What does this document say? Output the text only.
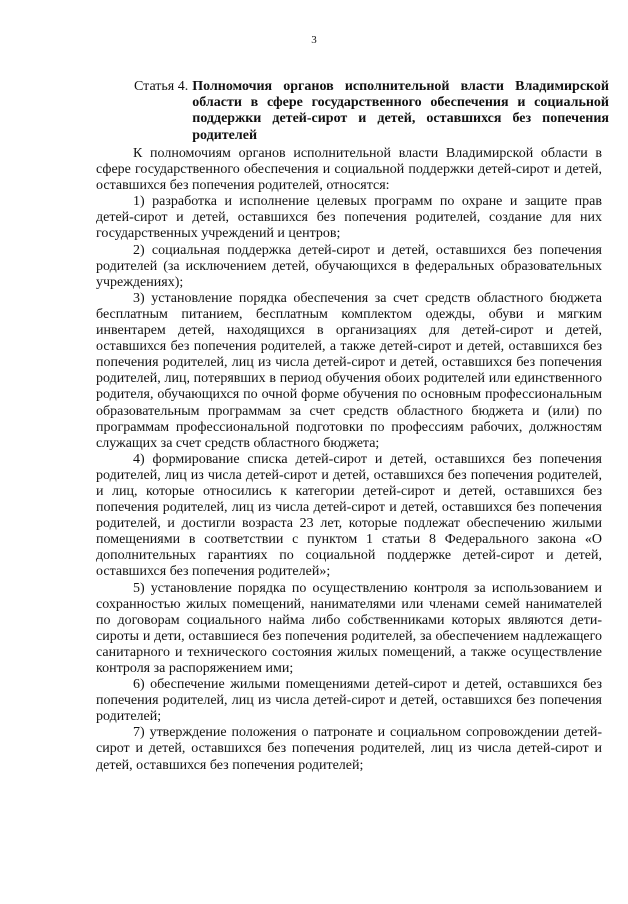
3
Статья 4. Полномочия органов исполнительной власти Владимирской области в сфере государственного обеспечения и социальной поддержки детей-сирот и детей, оставшихся без попечения родителей

К полномочиям органов исполнительной власти Владимирской области в сфере государственного обеспечения и социальной поддержки детей-сирот и детей, оставшихся без попечения родителей, относятся:

1) разработка и исполнение целевых программ по охране и защите прав детей-сирот и детей, оставшихся без попечения родителей, создание для них государственных учреждений и центров;

2) социальная поддержка детей-сирот и детей, оставшихся без попечения родителей (за исключением детей, обучающихся в федеральных образовательных учреждениях);

3) установление порядка обеспечения за счет средств областного бюджета бесплатным питанием, бесплатным комплектом одежды, обуви и мягким инвентарем детей, находящихся в организациях для детей-сирот и детей, оставшихся без попечения родителей, а также детей-сирот и детей, оставшихся без попечения родителей, лиц из числа детей-сирот и детей, оставшихся без попечения родителей, лиц, потерявших в период обучения обоих родителей или единственного родителя, обучающихся по очной форме обучения по основным профессиональным образовательным программам за счет средств областного бюджета и (или) по программам профессиональной подготовки по профессиям рабочих, должностям служащих за счет средств областного бюджета;

4) формирование списка детей-сирот и детей, оставшихся без попечения родителей, лиц из числа детей-сирот и детей, оставшихся без попечения родителей, и лиц, которые относились к категории детей-сирот и детей, оставшихся без попечения родителей, лиц из числа детей-сирот и детей, оставшихся без попечения родителей, и достигли возраста 23 лет, которые подлежат обеспечению жилыми помещениями в соответствии с пунктом 1 статьи 8 Федерального закона «О дополнительных гарантиях по социальной поддержке детей-сирот и детей, оставшихся без попечения родителей»;

5) установление порядка по осуществлению контроля за использованием и сохранностью жилых помещений, нанимателями или членами семей нанимателей по договорам социального найма либо собственниками которых являются дети-сироты и дети, оставшиеся без попечения родителей, за обеспечением надлежащего санитарного и технического состояния жилых помещений, а также осуществление контроля за распоряжением ими;

6) обеспечение жилыми помещениями детей-сирот и детей, оставшихся без попечения родителей, лиц из числа детей-сирот и детей, оставшихся без попечения родителей;

7) утверждение положения о патронате и социальном сопровождении детей-сирот и детей, оставшихся без попечения родителей, лиц из числа детей-сирот и детей, оставшихся без попечения родителей;
